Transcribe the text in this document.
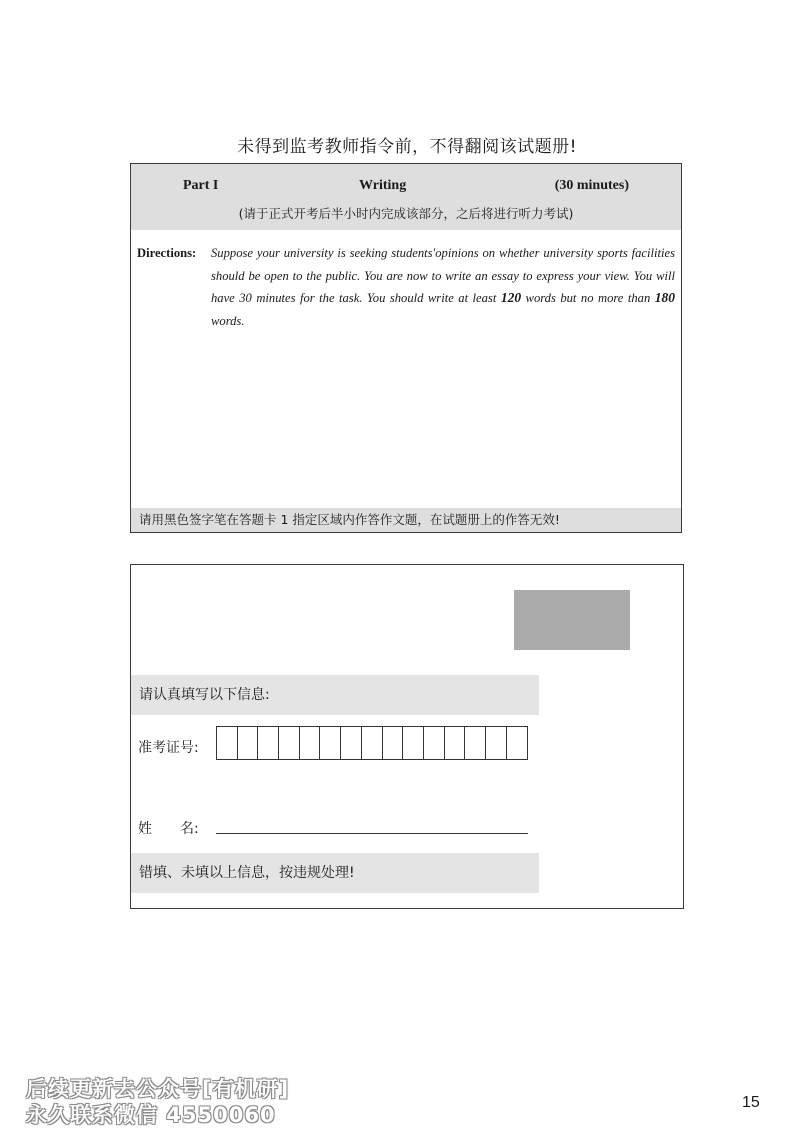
未得到监考教师指令前，不得翻阅该试题册!
Part I	Writing	(30 minutes)
(请于正式开考后半小时内完成该部分，之后将进行听力考试)
Directions: Suppose your university is seeking students'opinions on whether university sports facilities should be open to the public. You are now to write an essay to express your view. You will have 30 minutes for the task. You should write at least 120 words but no more than 180 words.
请用黑色签字笔在答题卡 1 指定区域内作答作文题，在试题册上的作答无效!
请认真填写以下信息:
准考证号:
姓　　名:
错填、未填以上信息，按违规处理!
后续更新去公众号[有机研]
永久联系微信 4550060
15
